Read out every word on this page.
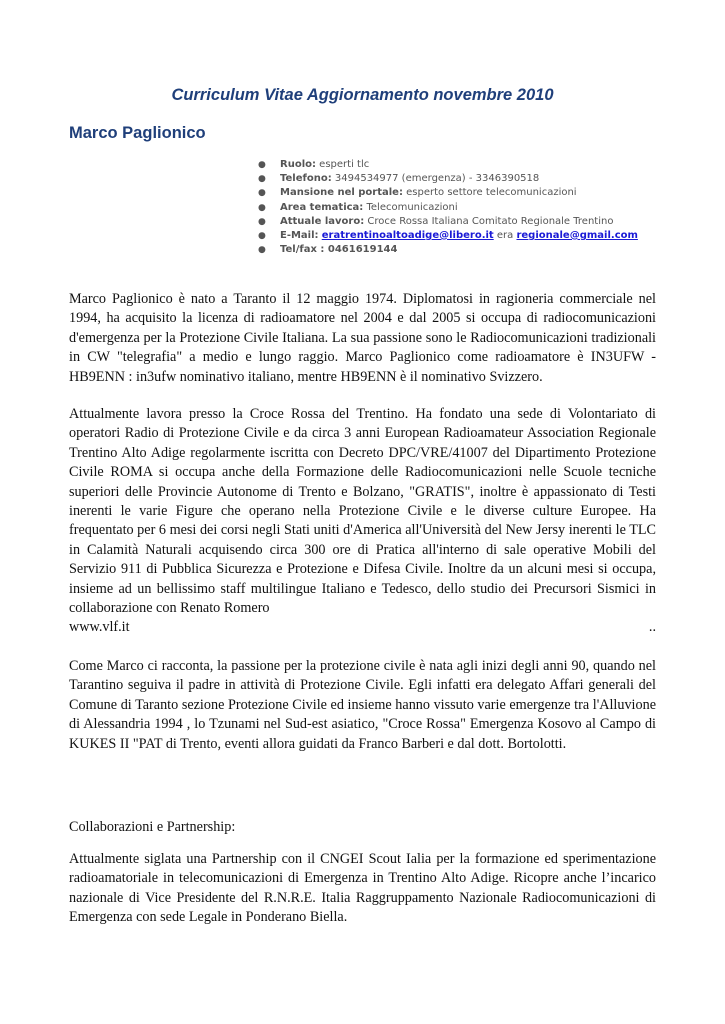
Curriculum Vitae Aggiornamento novembre 2010
Marco Paglionico
● Ruolo: esperti tlc
● Telefono: 3494534977 (emergenza) - 3346390518
● Mansione nel portale: esperto settore telecomunicazioni
● Area tematica: Telecomunicazioni
● Attuale lavoro: Croce Rossa Italiana Comitato Regionale Trentino
● E-Mail: eratrentinoaltoadige@libero.it era regionale@gmail.com
● Tel/fax : 0461619144

Marco Paglionico è nato a Taranto il 12 maggio 1974. Diplomatosi in ragioneria commerciale nel 1994, ha acquisito la licenza di radioamatore nel 2004 e dal 2005 si occupa di radiocomunicazioni d'emergenza per la Protezione Civile Italiana. La sua passione sono le Radiocomunicazioni tradizionali in CW "telegrafia" a medio e lungo raggio. Marco Paglionico come radioamatore è IN3UFW - HB9ENN : in3ufw nominativo italiano, mentre HB9ENN è il nominativo Svizzero.

Attualmente lavora presso la Croce Rossa del Trentino. Ha fondato una sede di Volontariato di operatori Radio di Protezione Civile e da circa 3 anni European Radioamateur Association Regionale Trentino Alto Adige regolarmente iscritta con Decreto DPC/VRE/41007 del Dipartimento Protezione Civile ROMA si occupa anche della Formazione delle Radiocomunicazioni nelle Scuole tecniche superiori delle Provincie Autonome di Trento e Bolzano, "GRATIS", inoltre è appassionato di Testi inerenti le varie Figure che operano nella Protezione Civile e le diverse culture Europee. Ha frequentato per 6 mesi dei corsi negli Stati uniti d'America all'Università del New Jersy inerenti le TLC in Calamità Naturali acquisendo circa 300 ore di Pratica all'interno di sale operative Mobili del Servizio 911 di Pubblica Sicurezza e Protezione e Difesa Civile. Inoltre da un alcuni mesi si occupa, insieme ad un bellissimo staff multilingue Italiano e Tedesco, dello studio dei Precursori Sismici in collaborazione con Renato Romero
www.vlf.it	..

Come Marco ci racconta, la passione per la protezione civile è nata agli inizi degli anni 90, quando nel Tarantino seguiva il padre in attività di Protezione Civile. Egli infatti era delegato Affari generali del Comune di Taranto sezione Protezione Civile ed insieme hanno vissuto varie emergenze tra l'Alluvione di Alessandria 1994 , lo Tzunami nel Sud-est asiatico, "Croce Rossa" Emergenza Kosovo al Campo di KUKES II "PAT di Trento, eventi allora guidati da Franco Barberi e dal dott. Bortolotti.

Collaborazioni e Partnership:

Attualmente siglata una Partnership con il CNGEI Scout Ialia per la formazione ed sperimentazione radioamatoriale in telecomunicazioni di Emergenza in Trentino Alto Adige. Ricopre anche l’incarico nazionale di Vice Presidente del R.N.R.E. Italia Raggruppamento Nazionale Radiocomunicazioni di Emergenza con sede Legale in Ponderano Biella.
